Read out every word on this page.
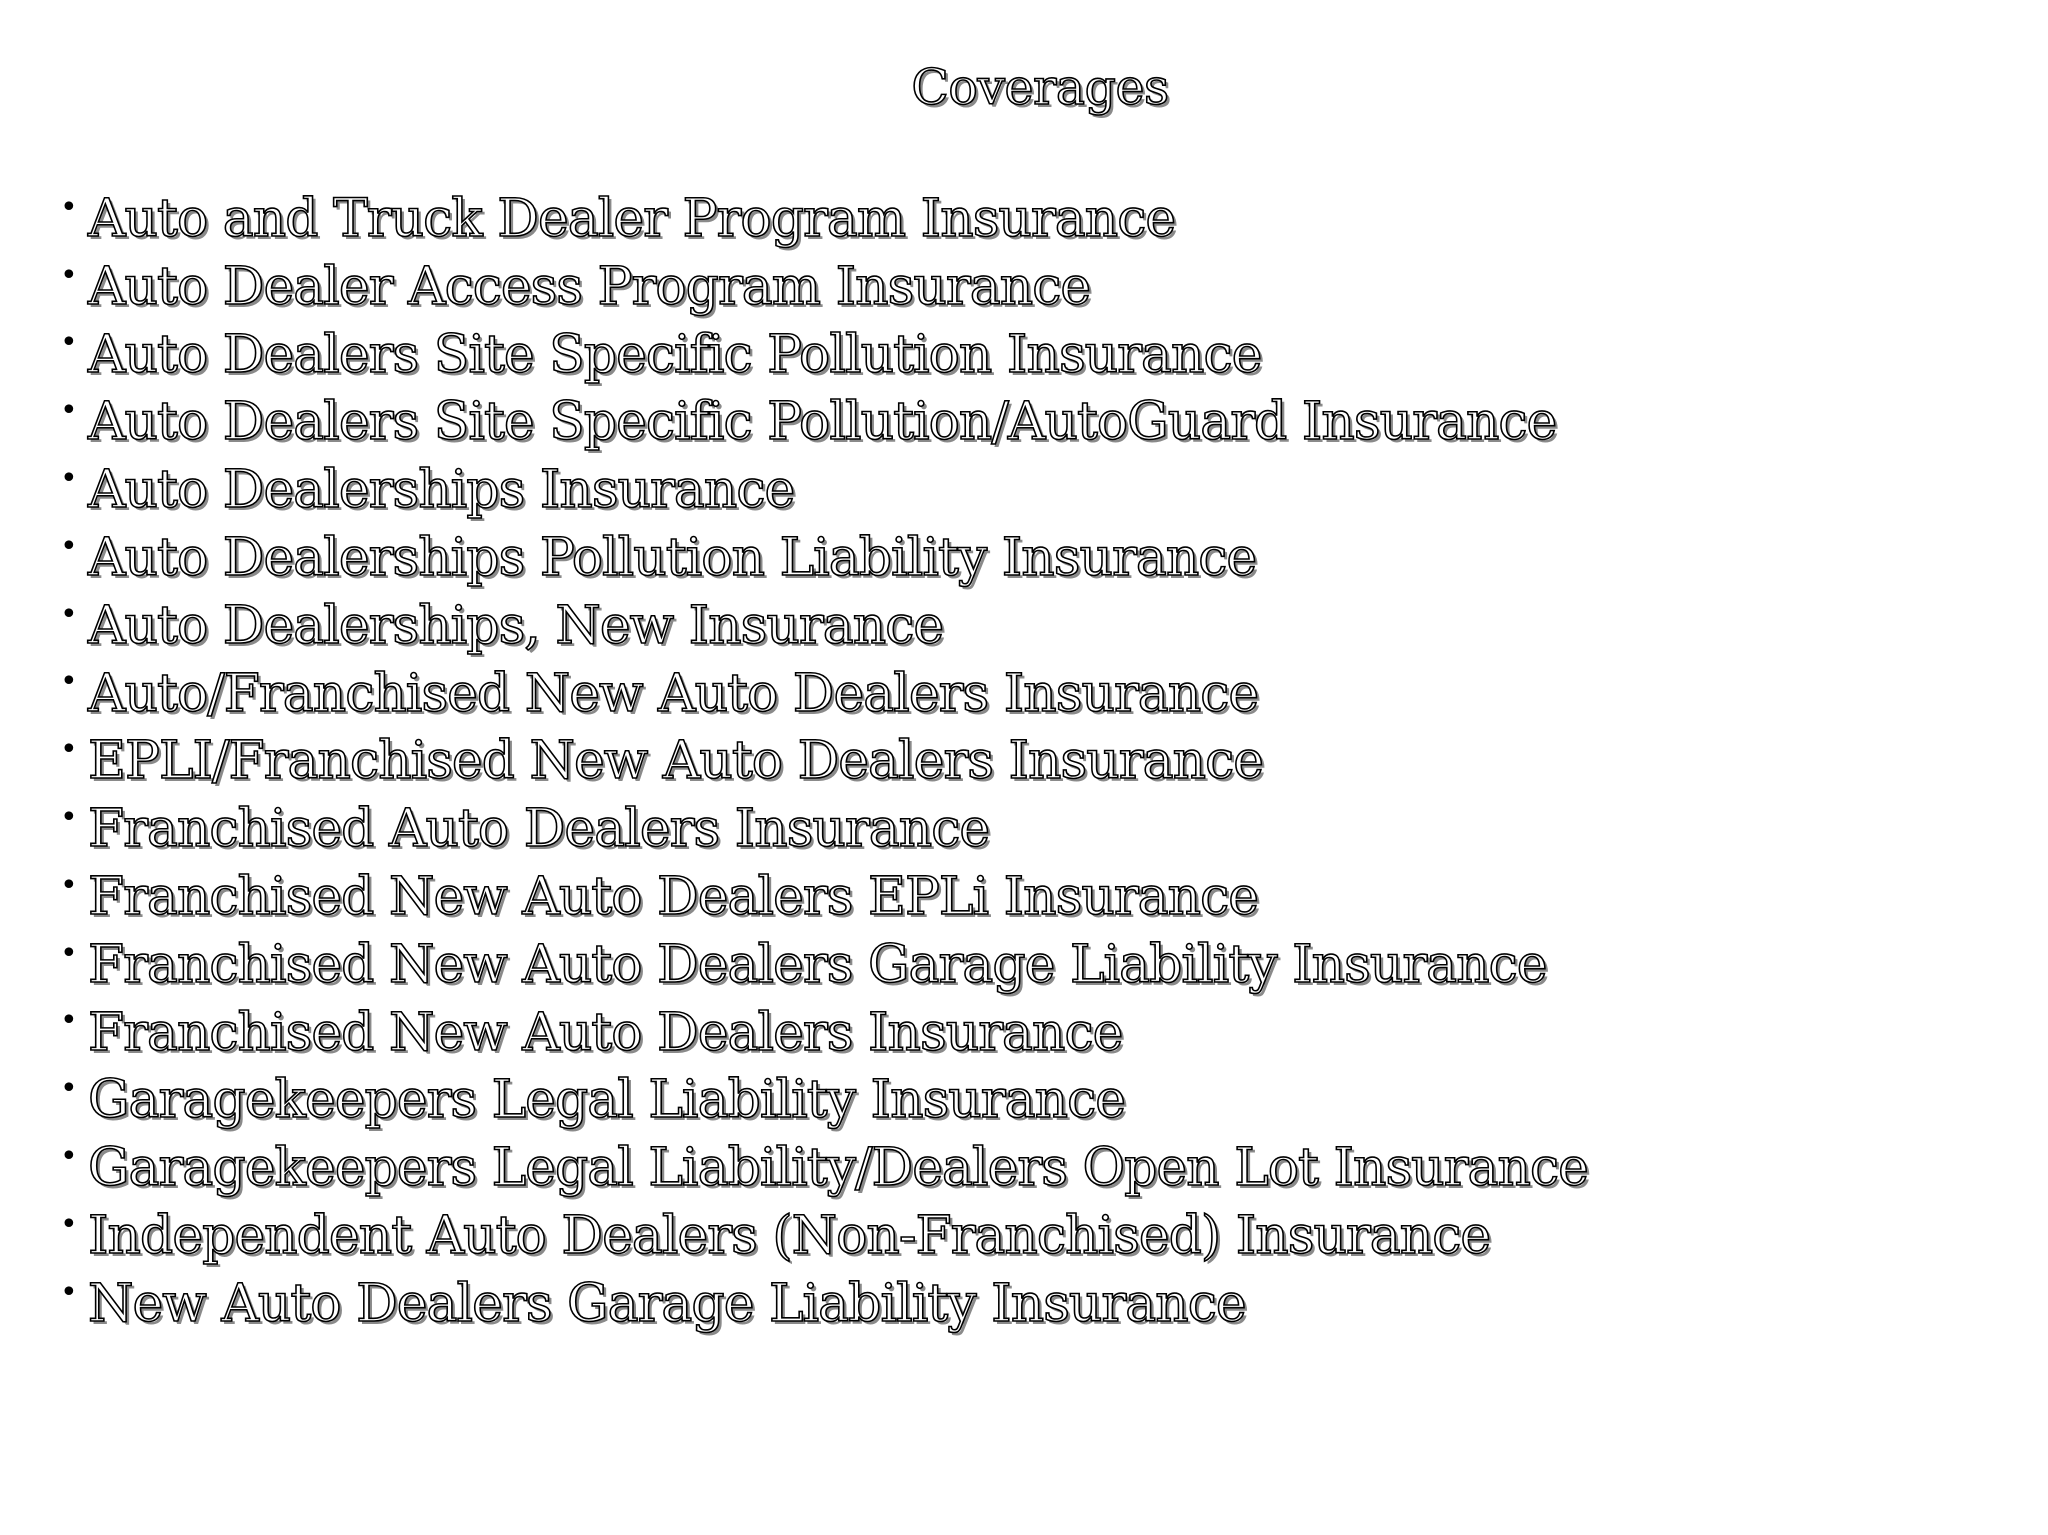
Coverages
• Auto and Truck Dealer Program Insurance
• Auto Dealer Access Program Insurance
• Auto Dealers Site Specific Pollution Insurance
• Auto Dealers Site Specific Pollution/AutoGuard Insurance
• Auto Dealerships Insurance
• Auto Dealerships Pollution Liability Insurance
• Auto Dealerships, New Insurance
• Auto/Franchised New Auto Dealers Insurance
• EPLI/Franchised New Auto Dealers Insurance
• Franchised Auto Dealers Insurance
• Franchised New Auto Dealers EPLi Insurance
• Franchised New Auto Dealers Garage Liability Insurance
• Franchised New Auto Dealers Insurance
• Garagekeepers Legal Liability Insurance
• Garagekeepers Legal Liability/Dealers Open Lot Insurance
• Independent Auto Dealers (Non-Franchised) Insurance
• New Auto Dealers Garage Liability Insurance
